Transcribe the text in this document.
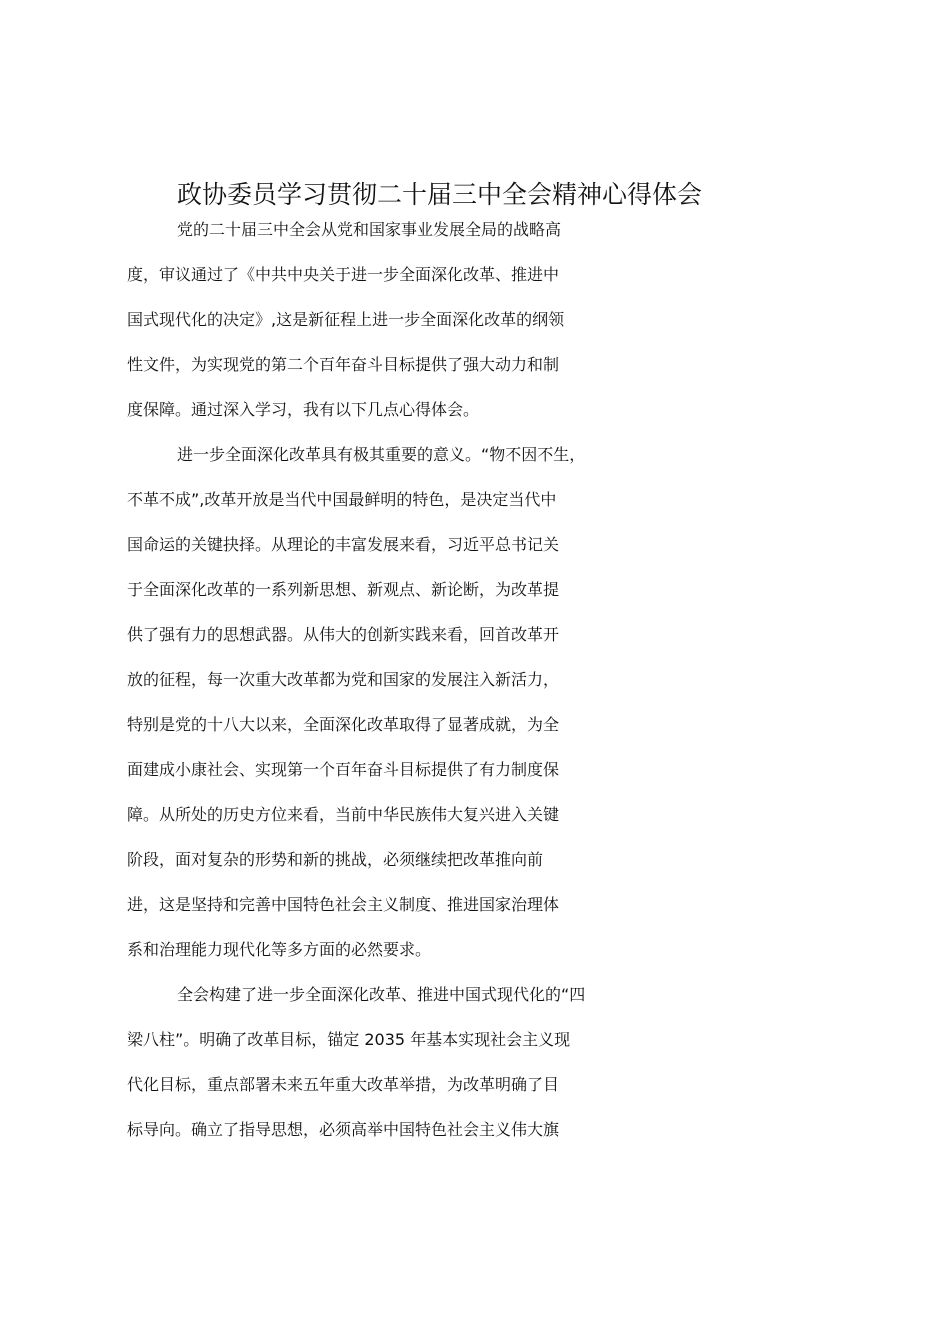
政协委员学习贯彻二十届三中全会精神心得体会
党的二十届三中全会从党和国家事业发展全局的战略高
度，审议通过了《中共中央关于进一步全面深化改革、推进中
国式现代化的决定》,这是新征程上进一步全面深化改革的纲领
性文件，为实现党的第二个百年奋斗目标提供了强大动力和制
度保障。通过深入学习，我有以下几点心得体会。
进一步全面深化改革具有极其重要的意义。“物不因不生，
不革不成”,改革开放是当代中国最鲜明的特色，是决定当代中
国命运的关键抉择。从理论的丰富发展来看，习近平总书记关
于全面深化改革的一系列新思想、新观点、新论断，为改革提
供了强有力的思想武器。从伟大的创新实践来看，回首改革开
放的征程，每一次重大改革都为党和国家的发展注入新活力，
特别是党的十八大以来，全面深化改革取得了显著成就，为全
面建成小康社会、实现第一个百年奋斗目标提供了有力制度保
障。从所处的历史方位来看，当前中华民族伟大复兴进入关键
阶段，面对复杂的形势和新的挑战，必须继续把改革推向前
进，这是坚持和完善中国特色社会主义制度、推进国家治理体
系和治理能力现代化等多方面的必然要求。
全会构建了进一步全面深化改革、推进中国式现代化的“四
梁八柱”。明确了改革目标，锚定 2035 年基本实现社会主义现
代化目标，重点部署未来五年重大改革举措，为改革明确了目
标导向。确立了指导思想，必须高举中国特色社会主义伟大旗
